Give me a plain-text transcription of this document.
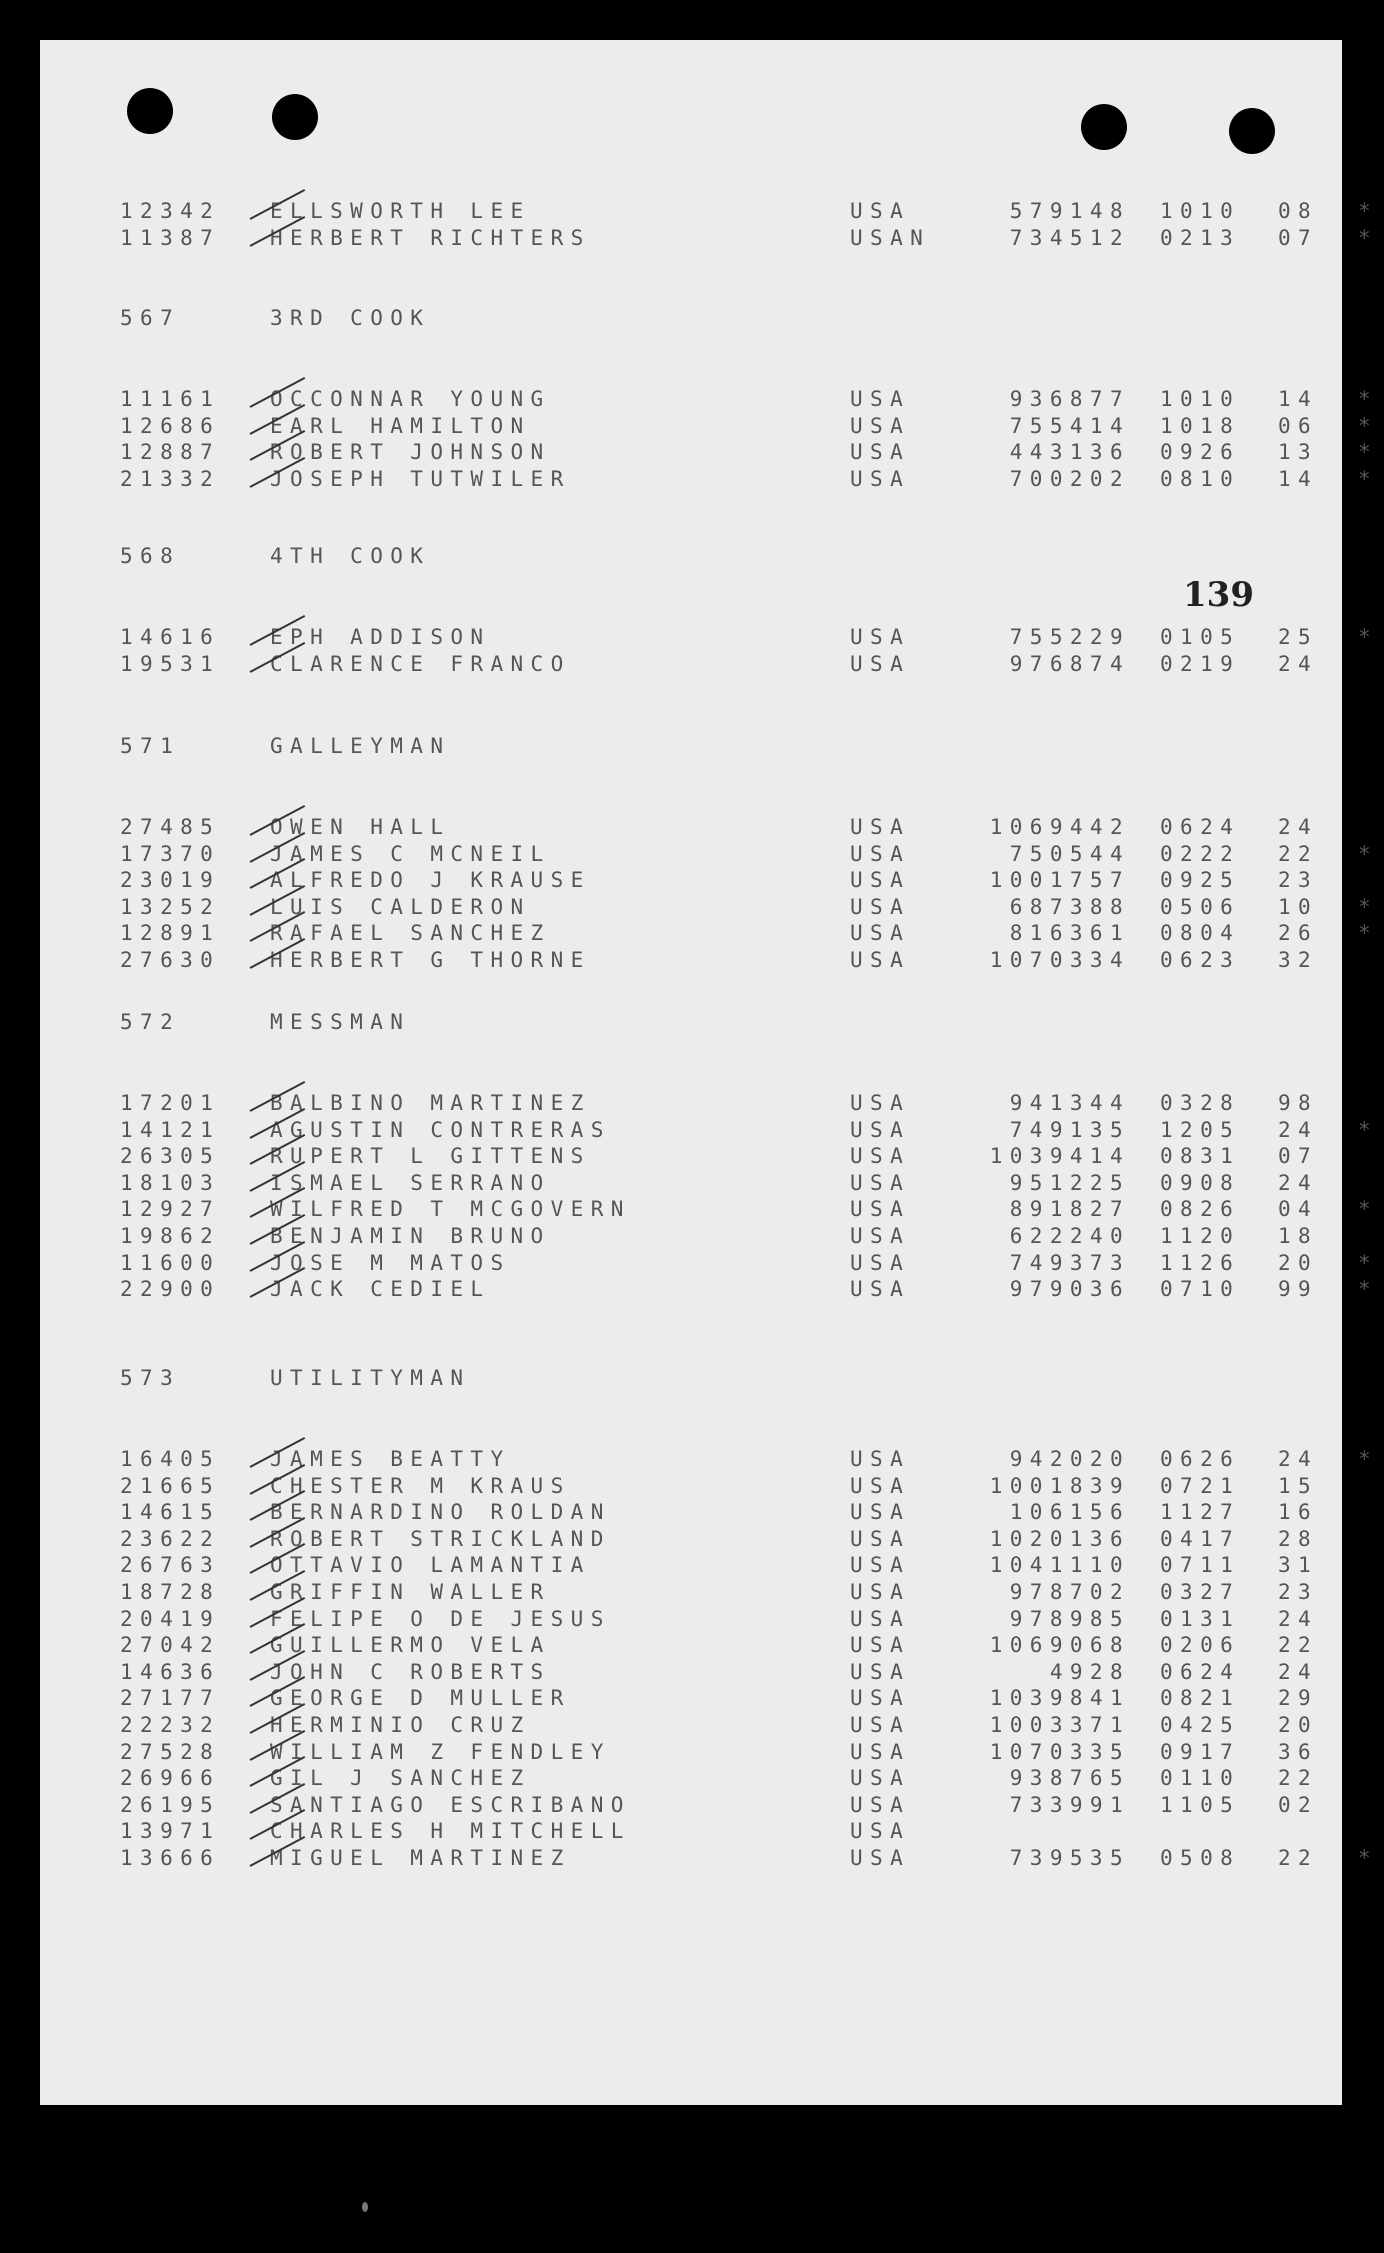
139
12342 ELLSWORTH LEE	USA	579148 1010 08 *
11387 HERBERT RICHTERS	USAN	734512 0213 07 *
567	3RD COOK
11161 OCCONNAR YOUNG	USA	936877 1010 14 *
12686 EARL HAMILTON	USA	755414 1018 06 *
12887 ROBERT JOHNSON	USA	443136 0926 13 *
21332 JOSEPH TUTWILER	USA	700202 0810 14 *
568	4TH COOK
14616 EPH ADDISON	USA	755229 0105 25 *
19531 CLARENCE FRANCO	USA	976874 0219 24
571	GALLEYMAN
27485 OWEN HALL	USA	1069442 0624 24
17370 JAMES C MCNEIL	USA	750544 0222 22 *
23019 ALFREDO J KRAUSE	USA	1001757 0925 23
13252 LUIS CALDERON	USA	687388 0506 10 *
12891 RAFAEL SANCHEZ	USA	816361 0804 26 *
27630 HERBERT G THORNE	USA	1070334 0623 32
572	MESSMAN
17201 BALBINO MARTINEZ	USA	941344 0328 98
14121 AGUSTIN CONTRERAS	USA	749135 1205 24 *
26305 RUPERT L GITTENS	USA	1039414 0831 07
18103 ISMAEL SERRANO	USA	951225 0908 24
12927 WILFRED T MCGOVERN	USA	891827 0826 04 *
19862 BENJAMIN BRUNO	USA	622240 1120 18
11600 JOSE M MATOS	USA	749373 1126 20 *
22900 JACK CEDIEL	USA	979036 0710 99 *
573	UTILITYMAN
16405 JAMES BEATTY	USA	942020 0626 24 *
21665 CHESTER M KRAUS	USA	1001839 0721 15
14615 BERNARDINO ROLDAN	USA	106156 1127 16
23622 ROBERT STRICKLAND	USA	1020136 0417 28
26763 OTTAVIO LAMANTIA	USA	1041110 0711 31
18728 GRIFFIN WALLER	USA	978702 0327 23
20419 FELIPE O DE JESUS	USA	978985 0131 24
27042 GUILLERMO VELA	USA	1069068 0206 22
14636 JOHN C ROBERTS	USA	4928 0624 24
27177 GEORGE D MULLER	USA	1039841 0821 29
22232 HERMINIO CRUZ	USA	1003371 0425 20
27528 WILLIAM Z FENDLEY	USA	1070335 0917 36
26966 GIL J SANCHEZ	USA	938765 0110 22
26195 SANTIAGO ESCRIBANO	USA	733991 1105 02
13971 CHARLES H MITCHELL	USA
13666 MIGUEL MARTINEZ	USA	739535 0508 22 *
